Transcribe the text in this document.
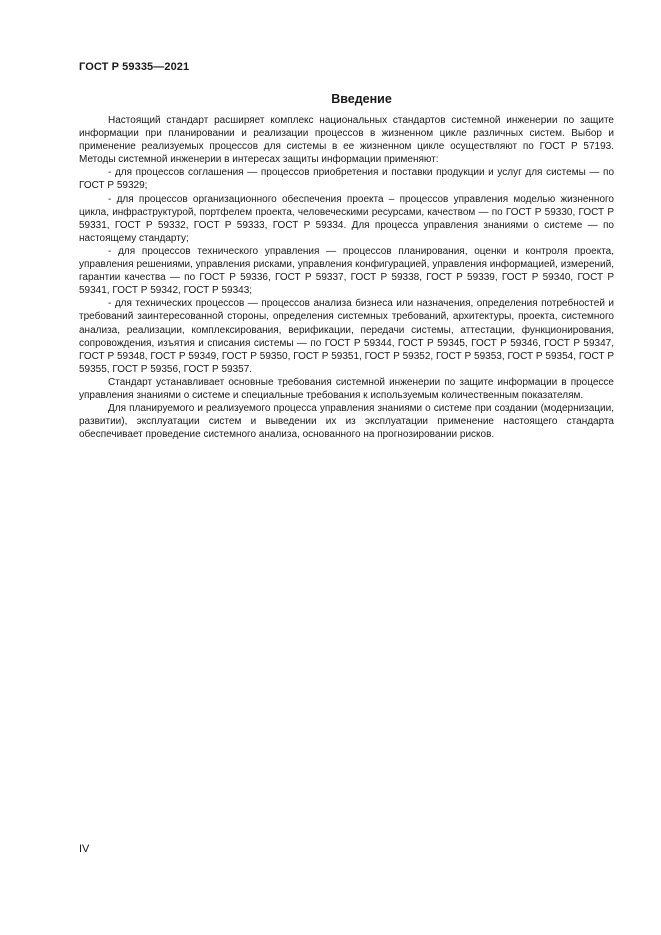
ГОСТ Р 59335—2021
Введение

Настоящий стандарт расширяет комплекс национальных стандартов системной инженерии по защите информации при планировании и реализации процессов в жизненном цикле различных систем. Выбор и применение реализуемых процессов для системы в ее жизненном цикле осуществляют по ГОСТ Р 57193. Методы системной инженерии в интересах защиты информации применяют:

- для процессов соглашения — процессов приобретения и поставки продукции и услуг для системы — по ГОСТ Р 59329;

- для процессов организационного обеспечения проекта – процессов управления моделью жизненного цикла, инфраструктурой, портфелем проекта, человеческими ресурсами, качеством — по ГОСТ Р 59330, ГОСТ Р 59331, ГОСТ Р 59332, ГОСТ Р 59333, ГОСТ Р 59334. Для процесса управления знаниями о системе — по настоящему стандарту;

- для процессов технического управления — процессов планирования, оценки и контроля проекта, управления решениями, управления рисками, управления конфигурацией, управления информацией, измерений, гарантии качества — по ГОСТ Р 59336, ГОСТ Р 59337, ГОСТ Р 59338, ГОСТ Р 59339, ГОСТ Р 59340, ГОСТ Р 59341, ГОСТ Р 59342, ГОСТ Р 59343;

- для технических процессов — процессов анализа бизнеса или назначения, определения потребностей и требований заинтересованной стороны, определения системных требований, архитектуры, проекта, системного анализа, реализации, комплексирования, верификации, передачи системы, аттестации, функционирования, сопровождения, изъятия и списания системы — по ГОСТ Р 59344, ГОСТ Р 59345, ГОСТ Р 59346, ГОСТ Р 59347, ГОСТ Р 59348, ГОСТ Р 59349, ГОСТ Р 59350, ГОСТ Р 59351, ГОСТ Р 59352, ГОСТ Р 59353, ГОСТ Р 59354, ГОСТ Р 59355, ГОСТ Р 59356, ГОСТ Р 59357.

Стандарт устанавливает основные требования системной инженерии по защите информации в процессе управления знаниями о системе и специальные требования к используемым количественным показателям.

Для планируемого и реализуемого процесса управления знаниями о системе при создании (модернизации, развитии), эксплуатации систем и выведении их из эксплуатации применение настоящего стандарта обеспечивает проведение системного анализа, основанного на прогнозировании рисков.

IV
